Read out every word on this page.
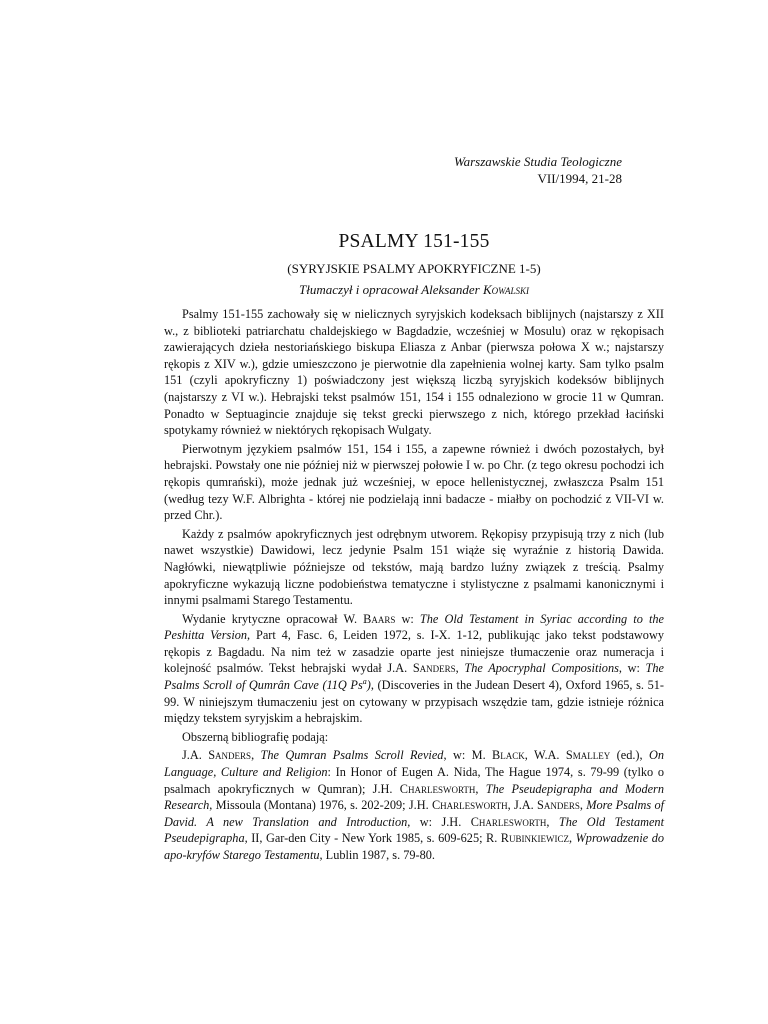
Warszawskie Studia Teologiczne
VII/1994, 21-28
PSALMY 151-155
(SYRYJSKIE PSALMY APOKRYFICZNE 1-5)
Tłumaczył i opracował Aleksander Kowalski

Psalmy 151-155 zachowały się w nielicznych syryjskich kodeksach biblijnych (najstarszy z XII w., z biblioteki patriarchatu chaldejskiego w Bagdadzie, wcześniej w Mosulu) oraz w rękopisach zawierających dzieła nestoriańskiego biskupa Eliasza z Anbar (pierwsza połowa X w.; najstarszy rękopis z XIV w.), gdzie umieszczono je pierwotnie dla zapełnienia wolnej karty. Sam tylko psalm 151 (czyli apokryficzny 1) poświadczony jest większą liczbą syryjskich kodeksów biblijnych (najstarszy z VI w.). Hebrajski tekst psalmów 151, 154 i 155 odnaleziono w grocie 11 w Qumran. Ponadto w Septuagincie znajduje się tekst grecki pierwszego z nich, którego przekład łaciński spotykamy również w niektórych rękopisach Wulgaty.

Pierwotnym językiem psalmów 151, 154 i 155, a zapewne również i dwóch pozostałych, był hebrajski. Powstały one nie później niż w pierwszej połowie I w. po Chr. (z tego okresu pochodzi ich rękopis qumrański), może jednak już wcześniej, w epoce hellenistycznej, zwłaszcza Psalm 151 (według tezy W.F. Albrighta - której nie podzielają inni badacze - miałby on pochodzić z VII-VI w. przed Chr.).

Każdy z psalmów apokryficznych jest odrębnym utworem. Rękopisy przypisują trzy z nich (lub nawet wszystkie) Dawidowi, lecz jedynie Psalm 151 wiąże się wyraźnie z historią Dawida. Nagłówki, niewątpliwie późniejsze od tekstów, mają bardzo luźny związek z treścią. Psalmy apokryficzne wykazują liczne podobieństwa tematyczne i stylistyczne z psalmami kanonicznymi i innymi psalmami Starego Testamentu.

Wydanie krytyczne opracował W. Baars w: The Old Testament in Syriac according to the Peshitta Version, Part 4, Fasc. 6, Leiden 1972, s. I-X. 1-12, publikując jako tekst podstawowy rękopis z Bagdadu. Na nim też w zasadzie oparte jest niniejsze tłumaczenie oraz numeracja i kolejność psalmów. Tekst hebrajski wydał J.A. Sanders, The Apocryphal Compositions, w: The Psalms Scroll of Qumrân Cave (11Q Ps$^a$), (Discoveries in the Judean Desert 4), Oxford 1965, s. 51-99. W niniejszym tłumaczeniu jest on cytowany w przypisach wszędzie tam, gdzie istnieje różnica między tekstem syryjskim a hebrajskim.

Obszerną bibliografię podają:

J.A. Sanders, The Qumran Psalms Scroll Revied, w: M. Black, W.A. Smalley (ed.), On Language, Culture and Religion: In Honor of Eugen A. Nida, The Hague 1974, s. 79-99 (tylko o psalmach apokryficznych w Qumran); J.H. Charlesworth, The Pseudepigrapha and Modern Research, Missoula (Montana) 1976, s. 202-209; J.H. Charlesworth, J.A. Sanders, More Psalms of David. A new Translation and Introduction, w: J.H. Charlesworth, The Old Testament Pseudepigrapha, II, Gar-den City - New York 1985, s. 609-625; R. Rubinkiewicz, Wprowadzenie do apo-kryfów Starego Testamentu, Lublin 1987, s. 79-80.
